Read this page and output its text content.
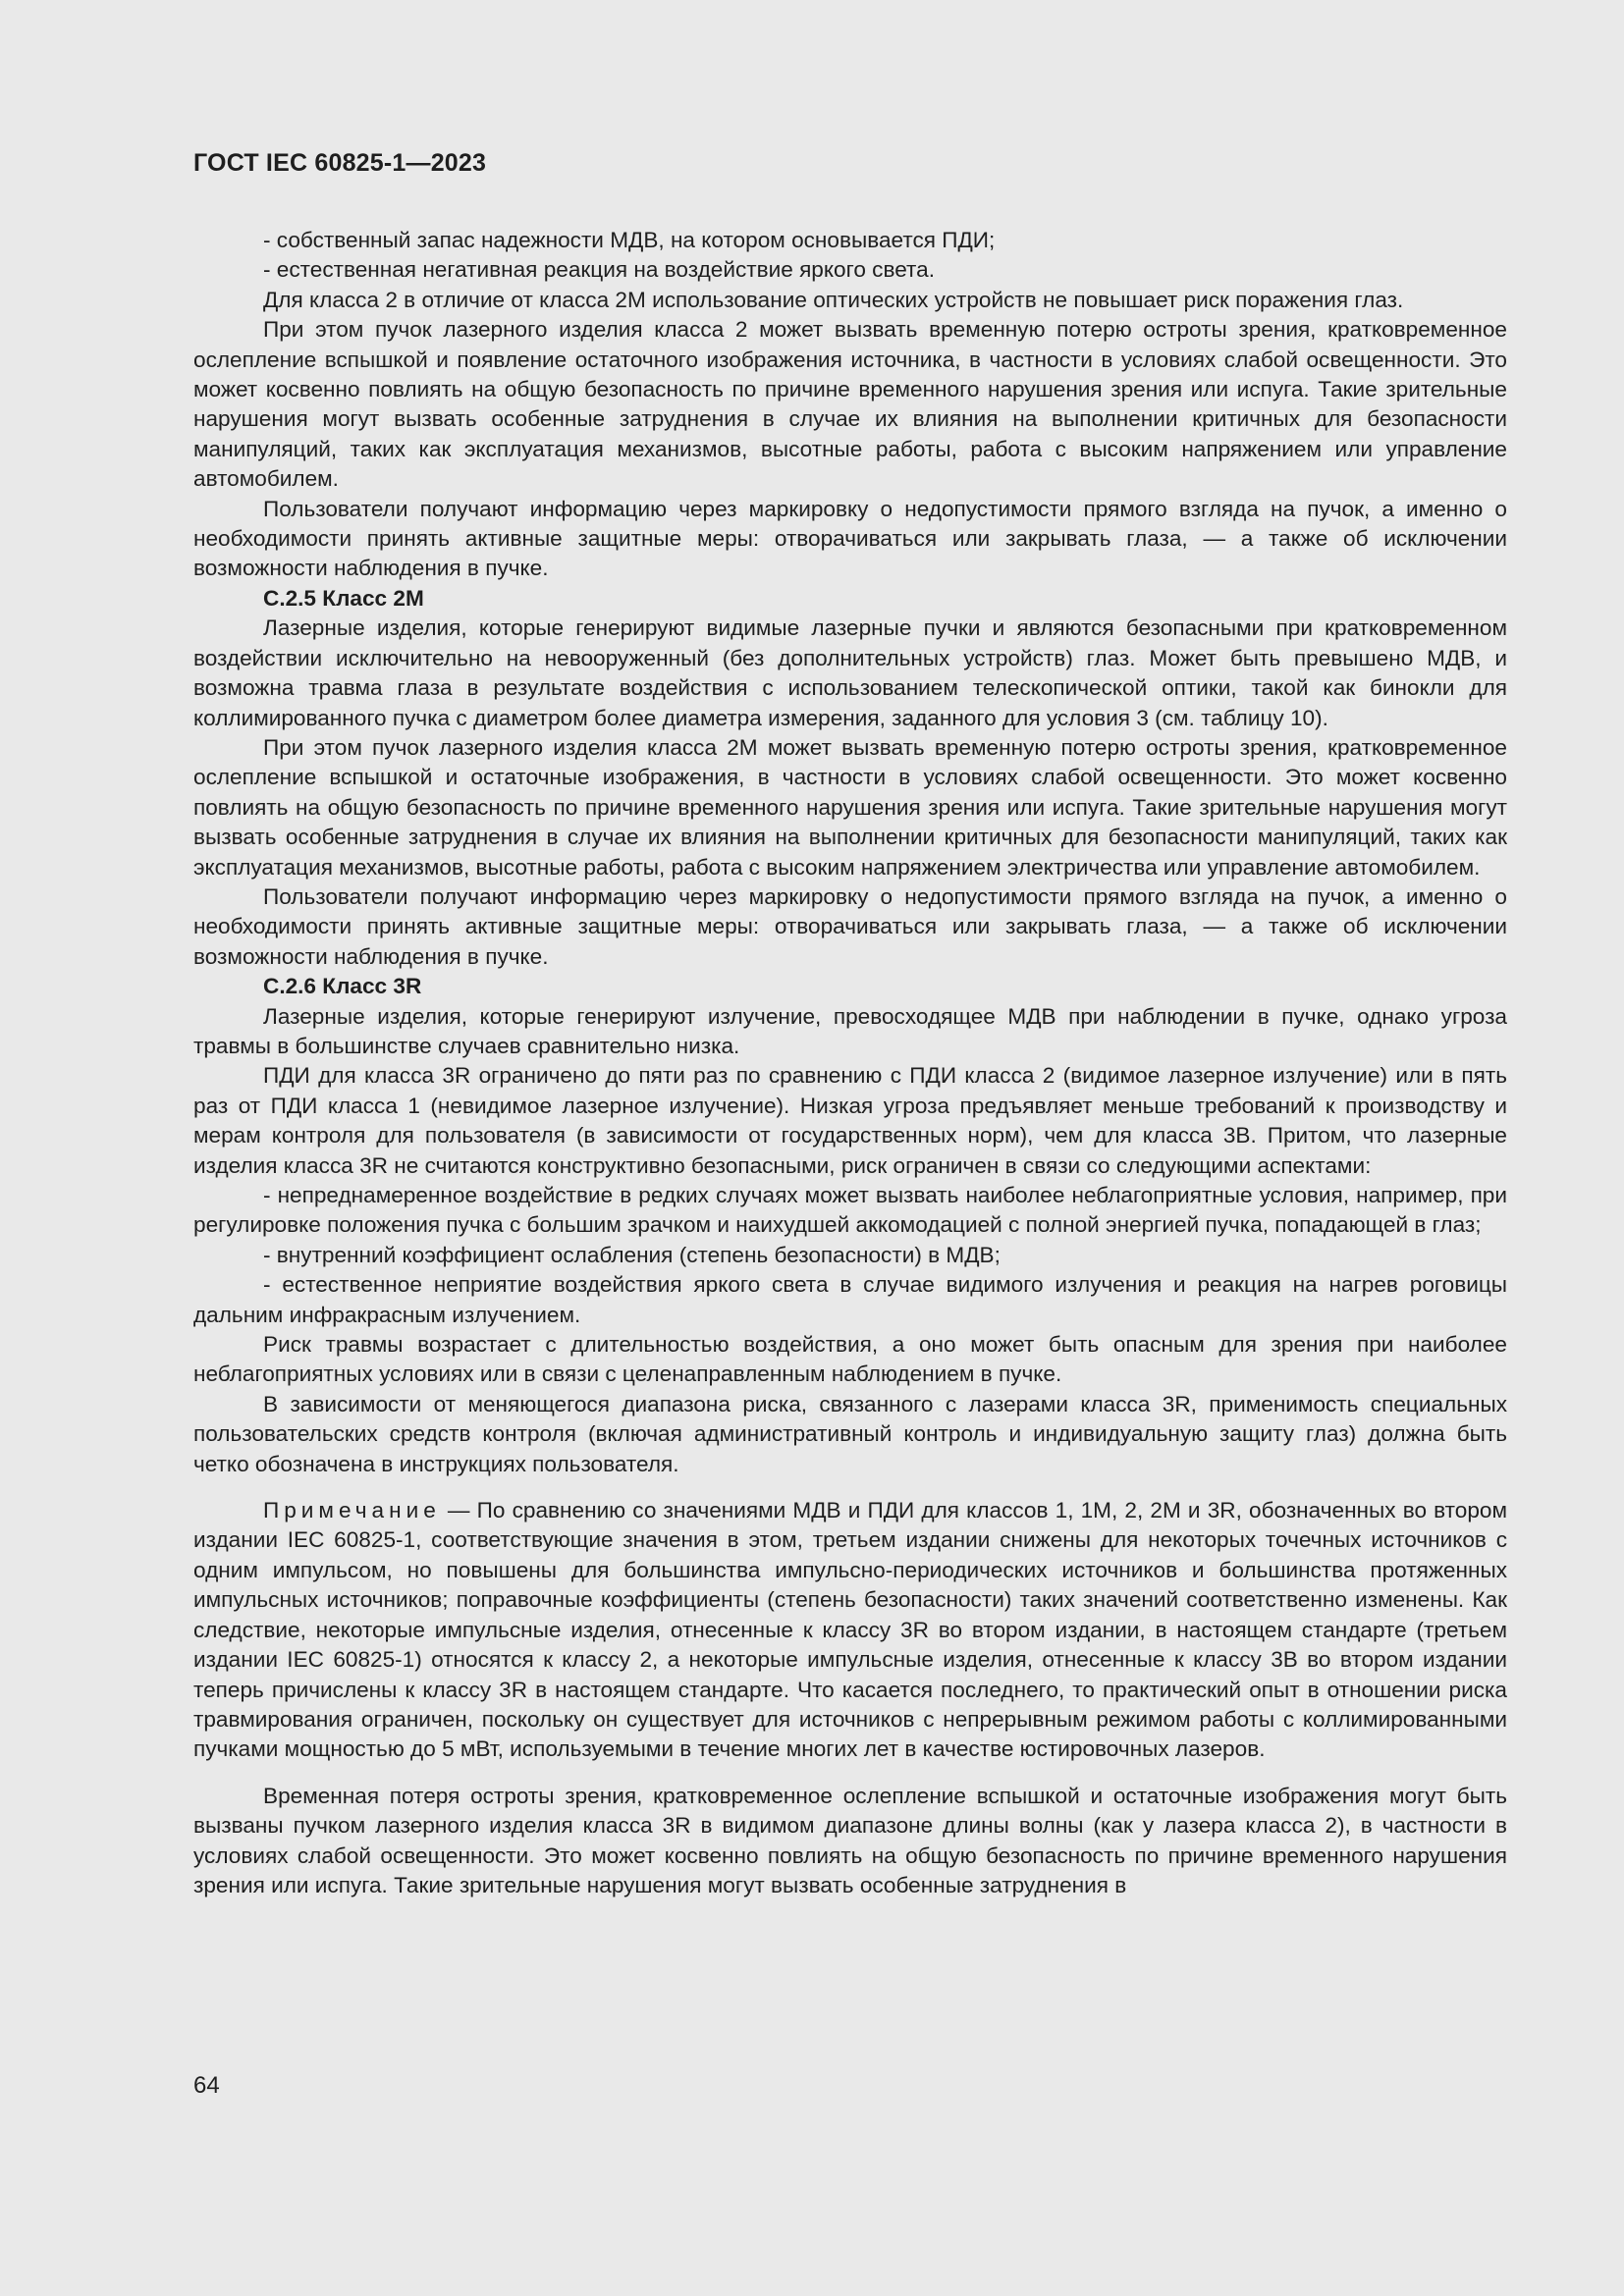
ГОСТ IEC 60825-1—2023

- собственный запас надежности МДВ, на котором основывается ПДИ;

- естественная негативная реакция на воздействие яркого света.

Для класса 2 в отличие от класса 2М использование оптических устройств не повышает риск поражения глаз.

При этом пучок лазерного изделия класса 2 может вызвать временную потерю остроты зрения, кратковременное ослепление вспышкой и появление остаточного изображения источника, в частности в условиях слабой освещенности. Это может косвенно повлиять на общую безопасность по причине временного нарушения зрения или испуга. Такие зрительные нарушения могут вызвать особенные затруднения в случае их влияния на выполнении критичных для безопасности манипуляций, таких как эксплуатация механизмов, высотные работы, работа с высоким напряжением или управление автомобилем.

Пользователи получают информацию через маркировку о недопустимости прямого взгляда на пучок, а именно о необходимости принять активные защитные меры: отворачиваться или закрывать глаза, — а также об исключении возможности наблюдения в пучке.

С.2.5 Класс 2М

Лазерные изделия, которые генерируют видимые лазерные пучки и являются безопасными при кратковременном воздействии исключительно на невооруженный (без дополнительных устройств) глаз. Может быть превышено МДВ, и возможна травма глаза в результате воздействия с использованием телескопической оптики, такой как бинокли для коллимированного пучка с диаметром более диаметра измерения, заданного для условия 3 (см. таблицу 10).

При этом пучок лазерного изделия класса 2М может вызвать временную потерю остроты зрения, кратковременное ослепление вспышкой и остаточные изображения, в частности в условиях слабой освещенности. Это может косвенно повлиять на общую безопасность по причине временного нарушения зрения или испуга. Такие зрительные нарушения могут вызвать особенные затруднения в случае их влияния на выполнении критичных для безопасности манипуляций, таких как эксплуатация механизмов, высотные работы, работа с высоким напряжением электричества или управление автомобилем.

Пользователи получают информацию через маркировку о недопустимости прямого взгляда на пучок, а именно о необходимости принять активные защитные меры: отворачиваться или закрывать глаза, — а также об исключении возможности наблюдения в пучке.

С.2.6 Класс 3R

Лазерные изделия, которые генерируют излучение, превосходящее МДВ при наблюдении в пучке, однако угроза травмы в большинстве случаев сравнительно низка.

ПДИ для класса 3R ограничено до пяти раз по сравнению с ПДИ класса 2 (видимое лазерное излучение) или в пять раз от ПДИ класса 1 (невидимое лазерное излучение). Низкая угроза предъявляет меньше требований к производству и мерам контроля для пользователя (в зависимости от государственных норм), чем для класса 3В. Притом, что лазерные изделия класса 3R не считаются конструктивно безопасными, риск ограничен в связи со следующими аспектами:

- непреднамеренное воздействие в редких случаях может вызвать наиболее неблагоприятные условия, например, при регулировке положения пучка с большим зрачком и наихудшей аккомодацией с полной энергией пучка, попадающей в глаз;

- внутренний коэффициент ослабления (степень безопасности) в МДВ;

- естественное неприятие воздействия яркого света в случае видимого излучения и реакция на нагрев роговицы дальним инфракрасным излучением.

Риск травмы возрастает с длительностью воздействия, а оно может быть опасным для зрения при наиболее неблагоприятных условиях или в связи с целенаправленным наблюдением в пучке.

В зависимости от меняющегося диапазона риска, связанного с лазерами класса 3R, применимость специальных пользовательских средств контроля (включая административный контроль и индивидуальную защиту глаз) должна быть четко обозначена в инструкциях пользователя.

Примечание — По сравнению со значениями МДВ и ПДИ для классов 1, 1М, 2, 2М и 3R, обозначенных во втором издании IEC 60825-1, соответствующие значения в этом, третьем издании снижены для некоторых точечных источников с одним импульсом, но повышены для большинства импульсно-периодических источников и большинства протяженных импульсных источников; поправочные коэффициенты (степень безопасности) таких значений соответственно изменены. Как следствие, некоторые импульсные изделия, отнесенные к классу 3R во втором издании, в настоящем стандарте (третьем издании IEC 60825-1) относятся к классу 2, а некоторые импульсные изделия, отнесенные к классу 3В во втором издании теперь причислены к классу 3R в настоящем стандарте. Что касается последнего, то практический опыт в отношении риска травмирования ограничен, поскольку он существует для источников с непрерывным режимом работы с коллимированными пучками мощностью до 5 мВт, используемыми в течение многих лет в качестве юстировочных лазеров.

Временная потеря остроты зрения, кратковременное ослепление вспышкой и остаточные изображения могут быть вызваны пучком лазерного изделия класса 3R в видимом диапазоне длины волны (как у лазера класса 2), в частности в условиях слабой освещенности. Это может косвенно повлиять на общую безопасность по причине временного нарушения зрения или испуга. Такие зрительные нарушения могут вызвать особенные затруднения в

64
